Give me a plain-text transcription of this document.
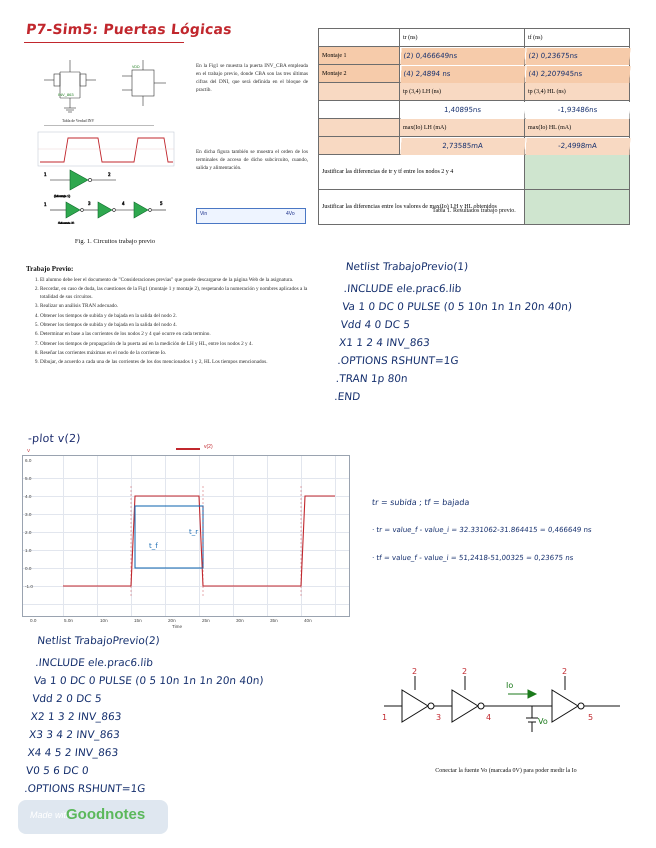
P7-Sim5: Puertas Lógicas
INV_863
VDD
Tabla de Verdad INV
1	2
(Montaje 1)
1	3	4	5
(Montaje 2)
Vin	4Vo
Fig. 1. Circuitos trabajo previo
En la Fig1 se muestra la puerta INV_CBA empleada en el trabajo previo, donde CBA son las tres últimas cifras del DNI, que será definida en el bloque de practib.
En dicha figura también se muestra el orden de los terminales de acceso de dicho subcircuito, cuando, salida y alimentación.
	tr (ns)	tf (ns)
Montaje 1	(2) 0,466649ns	(2) 0,23675ns
Montaje 2	(4) 2,4894 ns	(4) 2,207945ns
	tp (3,4) LH (ns)	tp (3,4) HL (ns)
	1,40895ns	-1,93486ns
	max(Io) LH (mA)	max(Io) HL (mA)
	2,73585mA	-2,4998mA
Justificar las diferencias de tr y tf entre los nodos 2 y 4		
Justificar las diferencias entre los valores de max(Io) LH y HL obtenidos		
Tabla 1. Resultados trabajo previo.
Trabajo Previo:
1. El alumno debe leer el documento de "Consideraciones previas" que puede descargarse de la página Web de la asignatura.
2. Recordar, en caso de duda, las cuestiones de la Fig1 (montaje 1 y montaje 2), respetando la numeración y nombres aplicados a la totalidad de sus circuitos.
3. Realizar un análisis TRAN adecuado.
4. Obtener los tiempos de subida y de bajada en la salida del nodo 2.
5. Obtener los tiempos de subida y de bajada en la salida del nodo 4.
6. Determinar en base a las corrientes de los nodos 2 y 4 qué ocurre en cada termino.
7. Obtener los tiempos de propagación de la puerta así en la medición de LH y HL, entre los nodos 2 y 4.
8. Reseñar las corrientes máximas en el nodo de la corriente Io.
9. Dibujar, de acuerdo a cada una de las corrientes de los dos mencionados 1 y 2, HL Los tiempos mencionados.
Netlist TrabajoPrevio(1)
.INCLUDE ele.prac6.lib
Va 1 0 DC 0 PULSE (0 5 10n 1n 1n 20n 40n)
Vdd 4 0 DC 5
X1 1 2 4 INV_863
.OPTIONS RSHUNT=1G
.TRAN 1p 80n
.END
-plot v(2)
t_f
t_r
6.0
5.0
4.0
3.0
2.0
1.0
0.0
-1.0
V
0.0	5.0n	10n	15n	20n	25n	30n	35n	40n
Time
v(2)
tr = subida ; tf = bajada
· tr = value_f - value_i = 32.331062-31.864415 = 0,466649 ns
· tf = value_f - value_i = 51,2418-51,00325 = 0,23675 ns
Netlist TrabajoPrevio(2)
.INCLUDE ele.prac6.lib
Va 1 0 DC 0 PULSE (0 5 10n 1n 1n 20n 40n)
Vdd 2 0 DC 5
X2 1 3 2 INV_863
X3 3 4 2 INV_863
X4 4 5 2 INV_863
V0 5 6 DC 0
.OPTIONS RSHUNT=1G
Io
Vo
2	2	2
1	3	4	5
Conectar la fuente Vo (marcada 0V) para poder medir la Io
Made with
Goodnotes
